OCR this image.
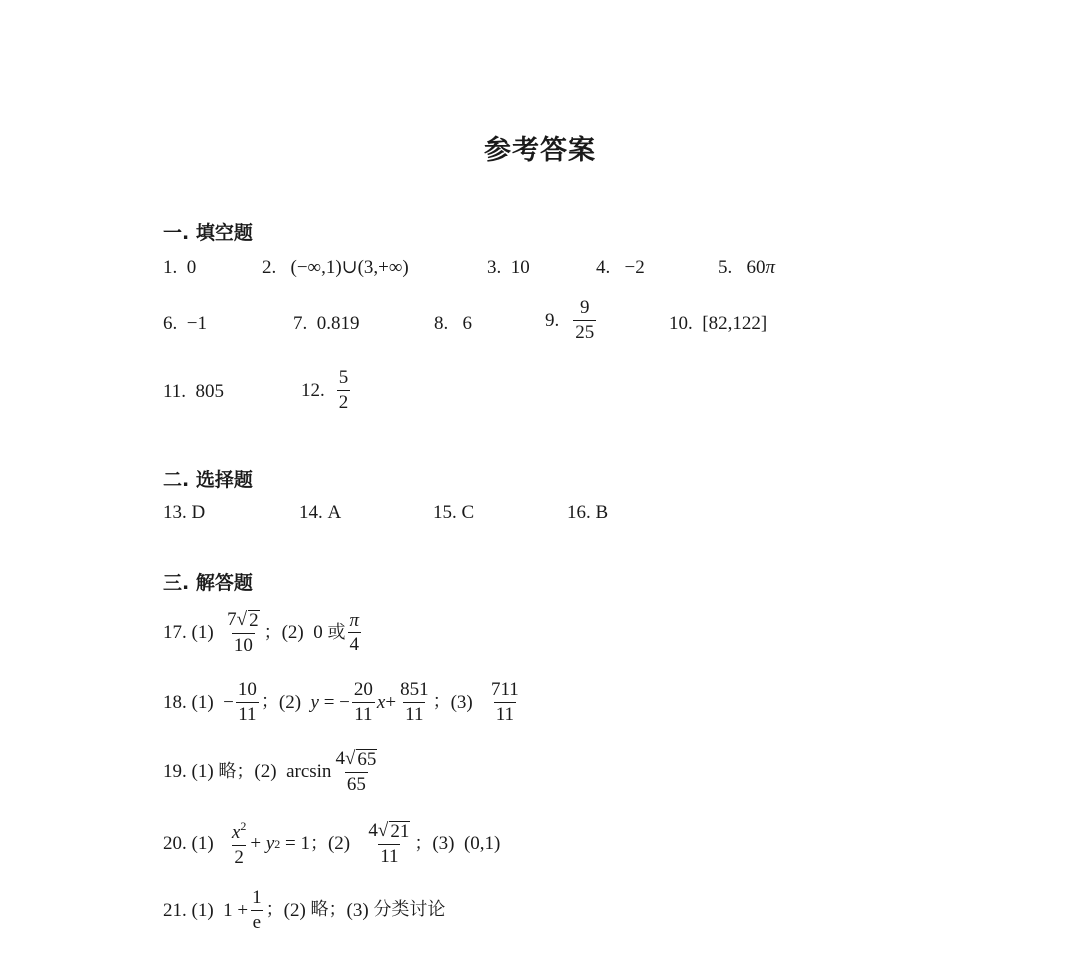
参考答案
一. 填空题
1. 0	2. (−∞,1)∪(3,+∞)	3. 10	4. −2	5. 60π
6. −1	7. 0.819	8. 6	9. $\frac{9}{25}$	10. [82,122]
11. 805	12. $\frac{5}{2}$
二. 选择题
13. D	14. A	15. C	16. B
三. 解答题
17.
(1)
$\frac{7 √ 2}{10}$ ； (2)
0
或 $\frac{\pi}{4}$
18.
(1)
− $\frac{10}{11}$ ； (2)
y
= − $\frac{20}{11}$ $x + \frac{851}{11}$ ； (3)
$\frac{711}{11}$
19.
(1)
略； (2)
$\arcsin \frac{4 √ 65}{65}$
20.
(1)
$\frac{x^2}{2}$ +
y 2
= 1 ； (2)
$\frac{4 √ 21}{11}$ ； (3)
(0,1)
21.
(1)
$1 + \frac{1}{e}$ ； (2)
略； (3)
分类讨论
